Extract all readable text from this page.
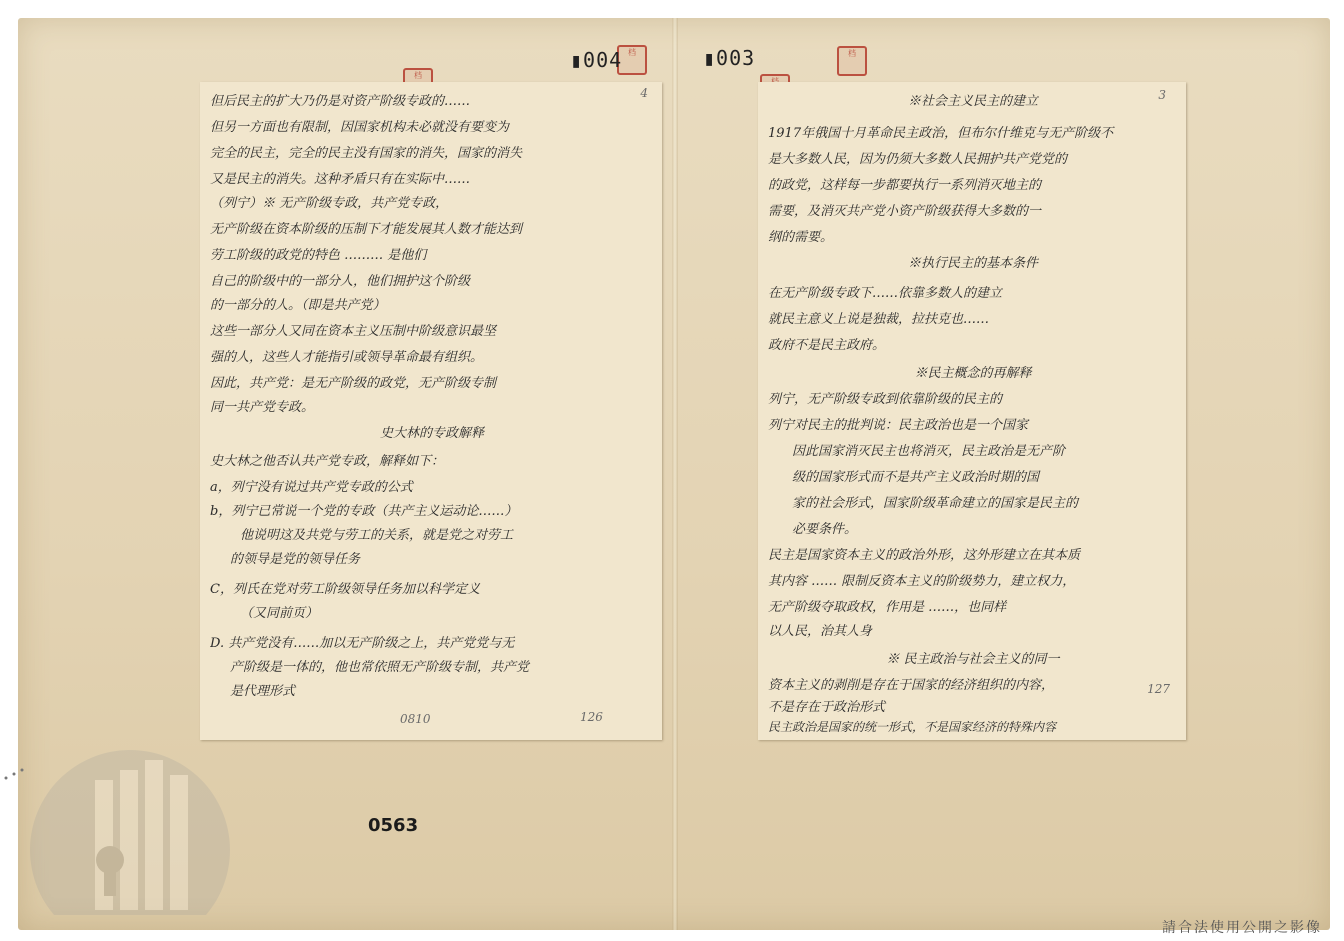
档
档	档
▮004	▮003
4
但后民主的扩大乃仍是对资产阶级专政的……
但另一方面也有限制，因国家机构未必就没有要变为
完全的民主，完全的民主没有国家的消失，国家的消失
又是民主的消失。这种矛盾只有在实际中……
（列宁）※ 无产阶级专政，共产党专政，
无产阶级在资本阶级的压制下才能发展其人数才能达到
劳工阶级的政党的特色 ……… 是他们
自己的阶级中的一部分人，他们拥护这个阶级
的一部分的人。（即是共产党）
这些一部分人又同在资本主义压制中阶级意识最坚
强的人，这些人才能指引或领导革命最有组织。
因此，共产党：是无产阶级的政党，无产阶级专制
同一共产党专政。
史大林的专政解释
史大林之他否认共产党专政，解释如下：
a，列宁没有说过共产党专政的公式
b，列宁已常说一个党的专政（共产主义运动论……）
他说明这及共党与劳工的关系，就是党之对劳工
的领导是党的领导任务
C，列氏在党对劳工阶级领导任务加以科学定义
（又同前页）
D. 共产党没有……加以无产阶级之上，共产党党与无
产阶级是一体的，他也常依照无产阶级专制，共产党
是代理形式
0810	126
3
※社会主义民主的建立
1917年俄国十月革命民主政治，但布尔什维克与无产阶级不
是大多数人民，因为仍须大多数人民拥护共产党党的
的政党，这样每一步都要执行一系列消灭地主的
需要，及消灭共产党小资产阶级获得大多数的一
纲的需要。
※执行民主的基本条件
在无产阶级专政下……依靠多数人的建立
就民主意义上说是独裁，拉扶克也……
政府不是民主政府。
※民主概念的再解释
列宁，无产阶级专政到依靠阶级的民主的
列宁对民主的批判说：民主政治也是一个国家
因此国家消灭民主也将消灭，民主政治是无产阶
级的国家形式而不是共产主义政治时期的国
家的社会形式，国家阶级革命建立的国家是民主的
必要条件。
民主是国家资本主义的政治外形，这外形建立在其本质
其内容 …… 限制反资本主义的阶级势力，建立权力，
无产阶级夺取政权，作用是 ……，也同样
以人民，治其人身
※ 民主政治与社会主义的同一
资本主义的剥削是存在于国家的经济组织的内容，
不是存在于政治形式
民主政治是国家的统一形式，不是国家经济的特殊内容
127
0563
請合法使用公開之影像
